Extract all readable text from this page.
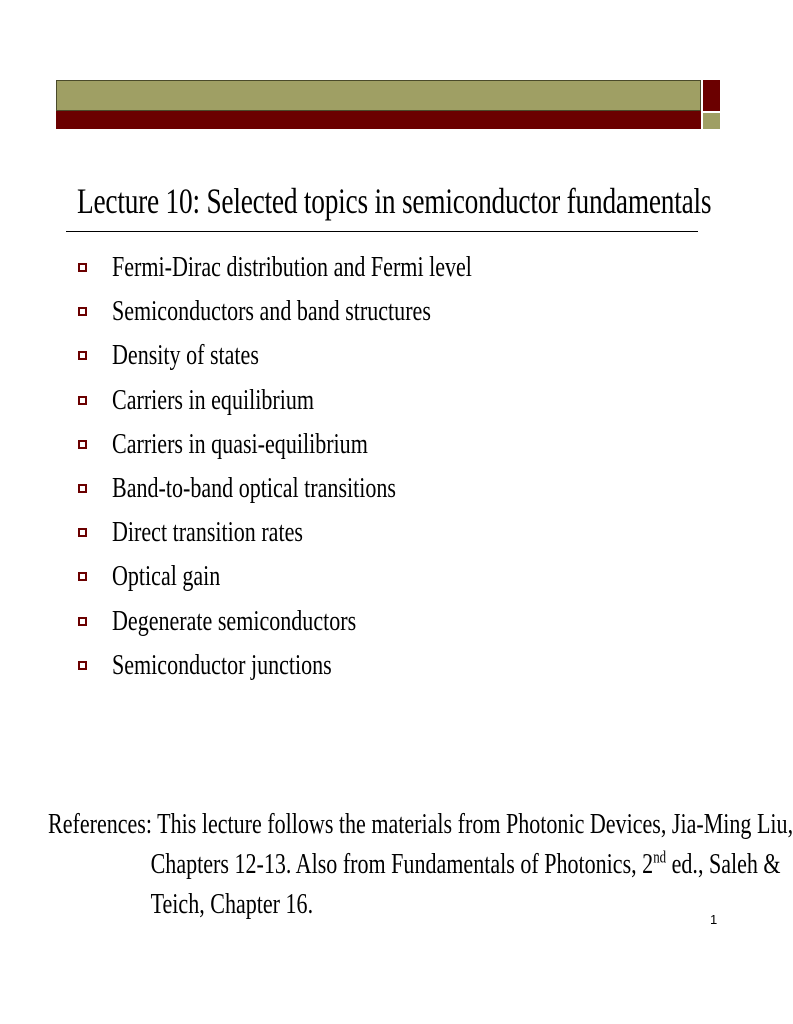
Lecture 10: Selected topics in semiconductor fundamentals
Fermi-Dirac distribution and Fermi level
Semiconductors and band structures
Density of states
Carriers in equilibrium
Carriers in quasi-equilibrium
Band-to-band optical transitions
Direct transition rates
Optical gain
Degenerate semiconductors
Semiconductor junctions
References: This lecture follows the materials from Photonic Devices, Jia-Ming Liu,
Chapters 12-13. Also from Fundamentals of Photonics, 2nd ed., Saleh &
Teich, Chapter 16.	1
